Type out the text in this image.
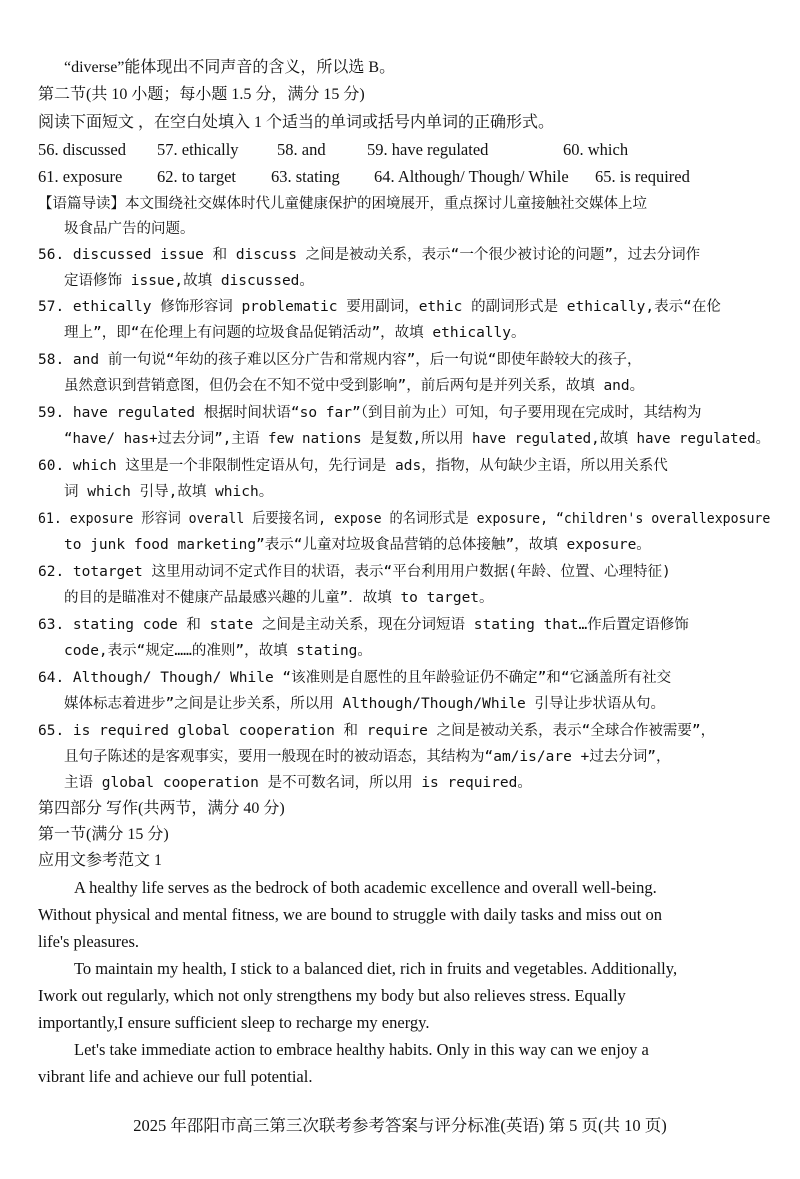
“diverse”能体现出不同声音的含义，所以选 B。
第二节(共 10 小题；每小题 1.5 分，满分 15 分)
阅读下面短文 ，在空白处填入 1 个适当的单词或括号内单词的正确形式。
56. discussed 57. ethically 58. and	59. have regulated	60. which
61. exposure 62. to target 63. stating 64. Although/ Though/ While 65. is required
【语篇导读】本文围绕社交媒体时代儿童健康保护的困境展开，重点探讨儿童接触社交媒体上垃
圾食品广告的问题。
56. discussed issue 和 discuss 之间是被动关系，表示“一个很少被讨论的问题”，过去分词作
定语修饰 issue,故填 discussed。
57. ethically 修饰形容词 problematic 要用副词，ethic 的副词形式是 ethically,表示“在伦
理上”，即“在伦理上有问题的垃圾食品促销活动”，故填 ethically。
58. and 前一句说“年幼的孩子难以区分广告和常规内容”，后一句说“即使年龄较大的孩子，
虽然意识到营销意图，但仍会在不知不觉中受到影响”，前后两句是并列关系，故填 and。
59. have regulated 根据时间状语“so far”（到目前为止）可知，句子要用现在完成时，其结构为
“have/ has+过去分词”,主语 few nations 是复数,所以用 have regulated,故填 have regulated。
60. which 这里是一个非限制性定语从句，先行词是 ads，指物，从句缺少主语，所以用关系代
词 which 引导,故填 which。
61. exposure 形容词 overall 后要接名词, expose 的名词形式是 exposure, “children's overallexposure
to junk food marketing”表示“儿童对垃圾食品营销的总体接触”，故填 exposure。
62. totarget 这里用动词不定式作目的状语，表示“平台利用用户数据(年龄、位置、心理特征)
的目的是瞄准对不健康产品最感兴趣的儿童”．故填 to target。
63. stating code 和 state 之间是主动关系，现在分词短语 stating that…作后置定语修饰
code,表示“规定……的准则”，故填 stating。
64. Although/ Though/ While “该准则是自愿性的且年龄验证仍不确定”和“它涵盖所有社交
媒体标志着进步”之间是让步关系，所以用 Although/Though/While 引导让步状语从句。
65. is required global cooperation 和 require 之间是被动关系，表示“全球合作被需要”，
且句子陈述的是客观事实，要用一般现在时的被动语态，其结构为“am/is/are +过去分词”，
主语 global cooperation 是不可数名词，所以用 is required。
第四部分 写作(共两节，满分 40 分)
第一节(满分 15 分)
应用文参考范文 1
A healthy life serves as the bedrock of both academic excellence and overall well-being.
Without physical and mental fitness, we are bound to struggle with daily tasks and miss out on
life's pleasures.
To maintain my health, I stick to a balanced diet, rich in fruits and vegetables. Additionally,
Iwork out regularly, which not only strengthens my body but also relieves stress. Equally
importantly,I ensure sufficient sleep to recharge my energy.
Let's take immediate action to embrace healthy habits. Only in this way can we enjoy a
vibrant life and achieve our full potential.
2025 年邵阳市高三第三次联考参考答案与评分标准(英语) 第 5 页(共 10 页)
